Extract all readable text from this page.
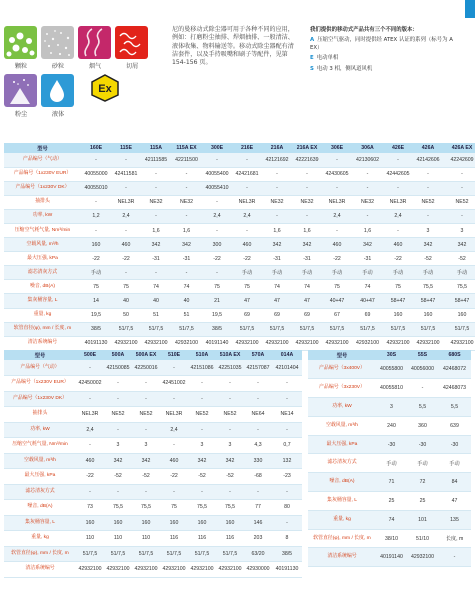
颗粒	砂粒	烟气	切屑
粉尘	液体
Ex
尼的曼移动式除尘器可用于各种不同的应用，例如：打磨粉尘抽排、焊烟抽排、一般清洁、液体收集、物料输送等。移动式除尘器配有清洁套件，以及手持吸嘴和刷子等配件，见第154-156 页。
我们提供的移动式产品共有三个不同的版本：
A 压缩空气驱动，同时提供经 ATEX 认证的系列（标号为 A EX）
E 电动单相
S 电动 3 相，侧风道风机
型号	160E	115E	115A	115A EX	300E	216E	216A	216A EX	306E	306A	426E	426A	426A EX
产品编号（气动）	-	-	42111585	42211500	-	-	42121692	42221639	-	42130602	-	42142606	42242609
产品编号（1x230V EUR）	40055000	42411581	-	-	40055400	42421681	-	-	42430605	-	42442605	-	-
产品编号（1x230V DK）	40055010	-	-	-	40055410	-	-	-	-	-	-	-	-
抽排头	-	NEL3R	NE32	NE32	-	NEL3R	NE32	NE32	NEL3R	NE32	NEL3R	NE52	NE52
功率, kW	1,2	2,4	-	-	2,4	2,4	-	-	2,4	-	2,4	-	-
压缩空气耗气量, Nm³/min	-	-	1,6	1,6	-	-	1,6	1,6	-	1,6	-	3	3
空载风量, m³/h	160	460	342	342	300	460	342	342	460	342	460	342	342
最大压强, kPa	-22	-22	-31	-31	-22	-22	-31	-31	-22	-31	-22	-52	-52
滤芯清灰方式	手动	-	-	-	-	手动	手动	手动	手动	手动	手动	手动	手动
噪音, dB(A)	75	75	74	74	75	75	74	74	75	74	75	75,5	75,5
集灰桶容量, L	14	40	40	40	21	47	47	47	40+47	40+47	58+47	58+47	58+47
重量, kg	19,5	50	51	51	19,5	69	69	69	67	69	160	160	160
软管直径(φ), mm / 长度, m	38/5	51/7,5	51/7,5	51/7,5	38/5	51/7,5	51/7,5	51/7,5	51/7,5	51/7,5	51/7,5	51/7,5	51/7,5
清洁系统编号	40191130	42932100	42932100	42932100	40191140	42932100	42932100	42932100	42932100	42932100	42932100	42932100	42932100
型号	500E	500A	500A EX	510E	510A	510A EX	570A	014A
产品编号（气动）	-	42150085	42250016	-	42151086	42251035	42157087	42101404
产品编号（1x230V EUR）	42450002	-	-	42451002	-	-	-	-
产品编号（1x230V DK）	-	-	-	-	-	-	-	-
抽排头	NEL3R	NE52	NE52	NEL3R	NE52	NE52	NE64	NE14
功率, kW	2,4	-	-	2,4	-	-	-	-
压缩空气耗气量, Nm³/min	-	3	3	-	3	3	4,3	0,7
空载风量, m³/h	460	342	342	460	342	342	330	132
最大压强, kPa	-22	-52	-52	-22	-52	-52	-68	-23
滤芯清灰方式	-	-	-	-	-	-	-	-
噪音, dB(A)	73	75,5	75,5	75	75,5	75,5	77	80
集灰桶容量, L	160	160	160	160	160	160	146	-
重量, kg	110	110	110	116	116	116	203	8
软管直径(φ), mm / 长度, m	51/7,5	51/7,5	51/7,5	51/7,5	51/7,5	51/7,5	63/20	38/5
清洁系统编号	42932100	42932100	42932100	42932100	42932100	42932100	42930000	40191130
型号	30S	55S	680S
产品编号（3x400V）	40055800	40056000	42468072
产品编号（3x230V）	40055810	-	42468073
功率, kW	3	5,5	5,5
空载风量, m³/h	240	360	639
最大压强, kPa	-30	-30	-30
滤芯清灰方式	手动	手动	手动
噪音, dB(A)	71	72	84
集灰桶容量, L	25	25	47
重量, kg	74	101	135
软管直径(φ), mm / 长度, m	38/10	51/10	长度, m
清洁系统编号	40191140	42932100	-
